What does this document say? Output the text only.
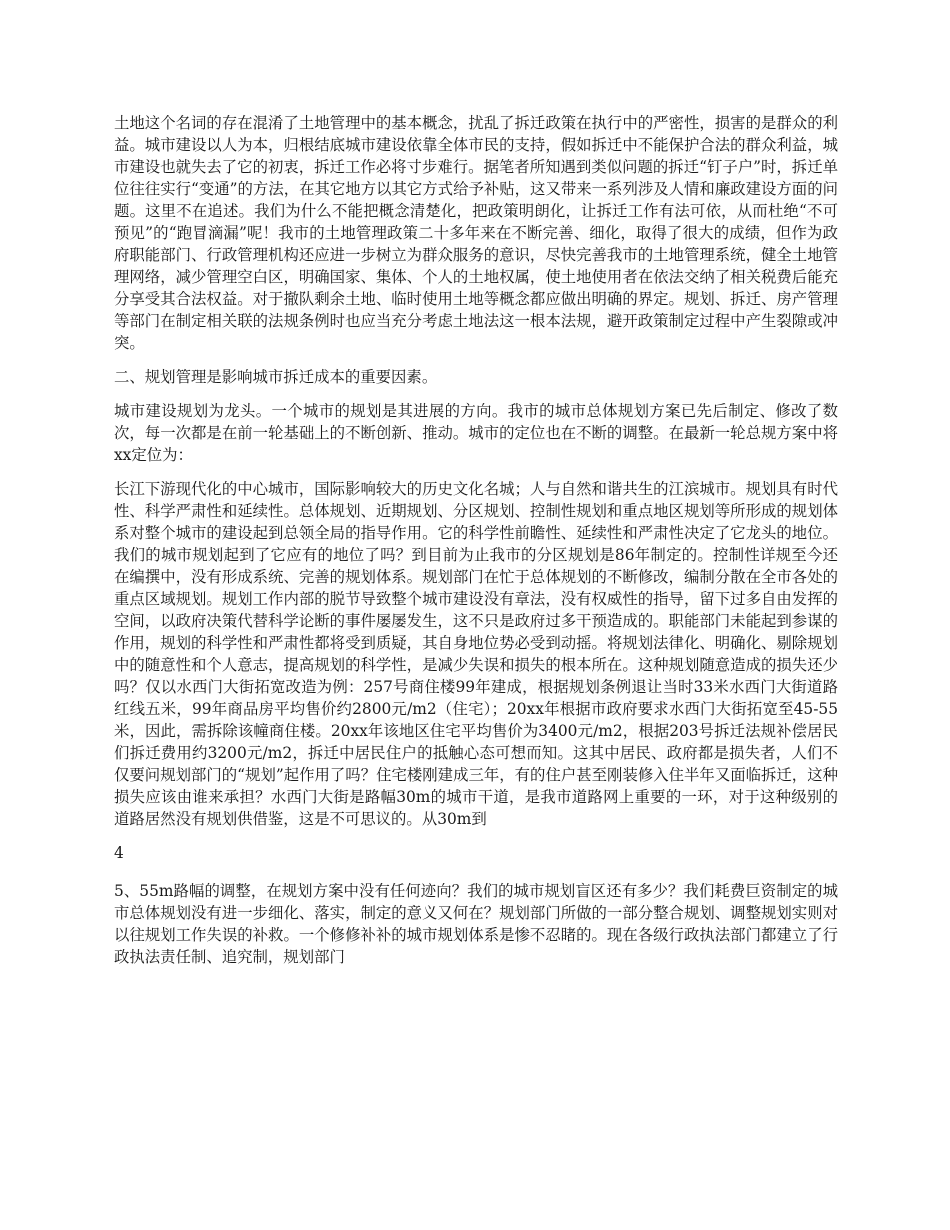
土地这个名词的存在混淆了土地管理中的基本概念，扰乱了拆迁政策在执行中的严密性，损害的是群众的利益。城市建设以人为本，归根结底城市建设依靠全体市民的支持，假如拆迁中不能保护合法的群众利益，城市建设也就失去了它的初衷，拆迁工作必将寸步难行。据笔者所知遇到类似问题的拆迁“钉子户”时，拆迁单位往往实行“变通”的方法，在其它地方以其它方式给予补贴，这又带来一系列涉及人情和廉政建设方面的问题。这里不在追述。我们为什么不能把概念清楚化，把政策明朗化，让拆迁工作有法可依，从而杜绝“不可预见”的“跑冒滴漏”呢！我市的土地管理政策二十多年来在不断完善、细化，取得了很大的成绩，但作为政府职能部门、行政管理机构还应进一步树立为群众服务的意识，尽快完善我市的土地管理系统，健全土地管理网络，减少管理空白区，明确国家、集体、个人的土地权属，使土地使用者在依法交纳了相关税费后能充分享受其合法权益。对于撤队剩余土地、临时使用土地等概念都应做出明确的界定。规划、拆迁、房产管理等部门在制定相关联的法规条例时也应当充分考虑土地法这一根本法规，避开政策制定过程中产生裂隙或冲突。

二、规划管理是影响城市拆迁成本的重要因素。

城市建设规划为龙头。一个城市的规划是其进展的方向。我市的城市总体规划方案已先后制定、修改了数次，每一次都是在前一轮基础上的不断创新、推动。城市的定位也在不断的调整。在最新一轮总规方案中将xx定位为：

长江下游现代化的中心城市，国际影响较大的历史文化名城；人与自然和谐共生的江滨城市。规划具有时代性、科学严肃性和延续性。总体规划、近期规划、分区规划、控制性规划和重点地区规划等所形成的规划体系对整个城市的建设起到总领全局的指导作用。它的科学性前瞻性、延续性和严肃性决定了它龙头的地位。我们的城市规划起到了它应有的地位了吗？到目前为止我市的分区规划是86年制定的。控制性详规至今还在编撰中，没有形成系统、完善的规划体系。规划部门在忙于总体规划的不断修改，编制分散在全市各处的重点区域规划。规划工作内部的脱节导致整个城市建设没有章法，没有权威性的指导，留下过多自由发挥的空间，以政府决策代替科学论断的事件屡屡发生，这不只是政府过多干预造成的。职能部门未能起到参谋的作用，规划的科学性和严肃性都将受到质疑，其自身地位势必受到动摇。将规划法律化、明确化、剔除规划中的随意性和个人意志，提高规划的科学性，是减少失误和损失的根本所在。这种规划随意造成的损失还少吗？仅以水西门大街拓宽改造为例：257号商住楼99年建成，根据规划条例退让当时33米水西门大街道路红线五米，99年商品房平均售价约2800元/m2（住宅）；20xx年根据市政府要求水西门大街拓宽至45-55米，因此，需拆除该幢商住楼。20xx年该地区住宅平均售价为3400元/m2，根据203号拆迁法规补偿居民们拆迁费用约3200元/m2，拆迁中居民住户的抵触心态可想而知。这其中居民、政府都是损失者，人们不仅要问规划部门的“规划”起作用了吗？住宅楼刚建成三年，有的住户甚至刚装修入住半年又面临拆迁，这种损失应该由谁来承担？水西门大街是路幅30m的城市干道，是我市道路网上重要的一环，对于这种级别的道路居然没有规划供借鉴，这是不可思议的。从30m到

4

5、55m路幅的调整，在规划方案中没有任何迹向？我们的城市规划盲区还有多少？我们耗费巨资制定的城市总体规划没有进一步细化、落实，制定的意义又何在？规划部门所做的一部分整合规划、调整规划实则对以往规划工作失误的补救。一个修修补补的城市规划体系是惨不忍睹的。现在各级行政执法部门都建立了行政执法责任制、追究制，规划部门
